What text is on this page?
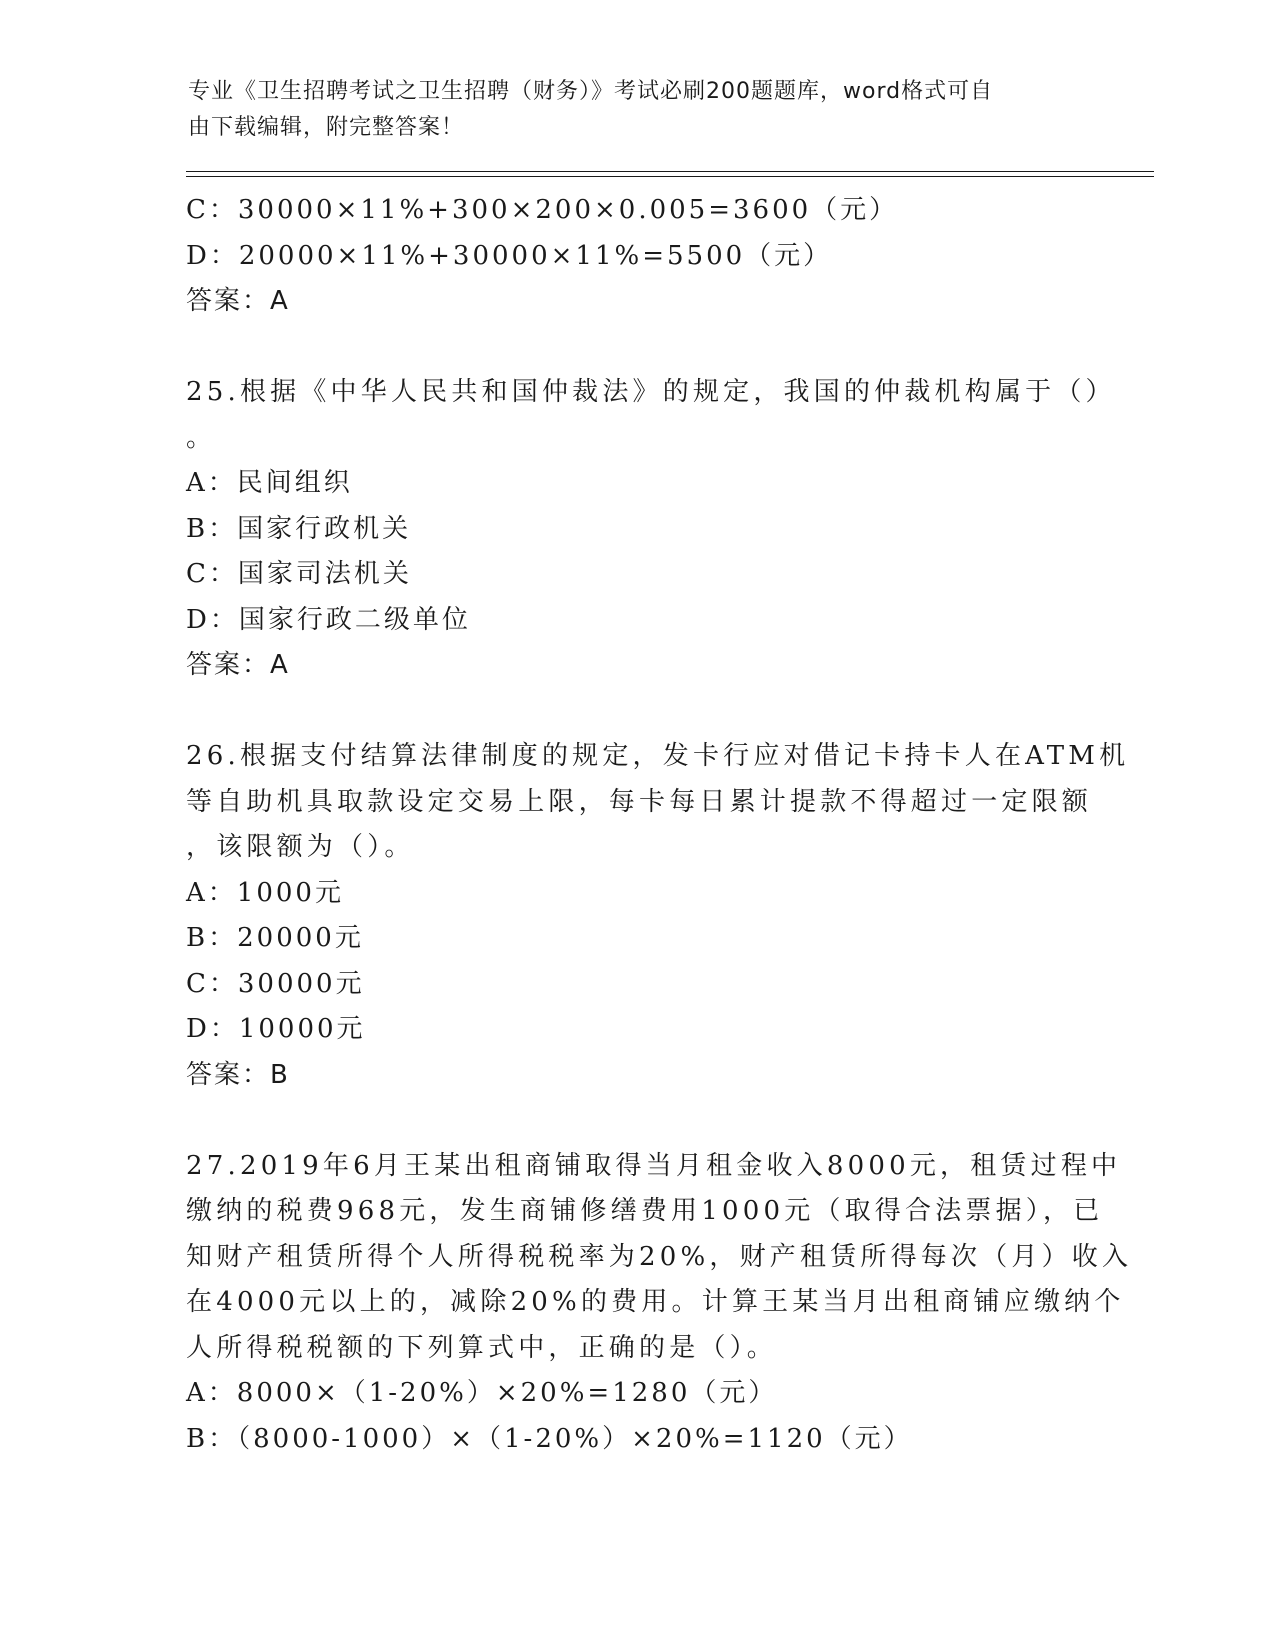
专业《卫生招聘考试之卫生招聘（财务）》考试必刷200题题库，word格式可自
由下载编辑，附完整答案！
C：30000×11%+300×200×0.005=3600（元）
D：20000×11%+30000×11%=5500（元）
答案：A
25.根据《中华人民共和国仲裁法》的规定，我国的仲裁机构属于（）
。
A：民间组织
B：国家行政机关
C：国家司法机关
D：国家行政二级单位
答案：A
26.根据支付结算法律制度的规定，发卡行应对借记卡持卡人在ATM机
等自助机具取款设定交易上限，每卡每日累计提款不得超过一定限额
，该限额为（）。
A：1000元
B：20000元
C：30000元
D：10000元
答案：B
27.2019年6月王某出租商铺取得当月租金收入8000元，租赁过程中
缴纳的税费968元，发生商铺修缮费用1000元（取得合法票据），已
知财产租赁所得个人所得税税率为20%，财产租赁所得每次（月）收入
在4000元以上的，减除20%的费用。计算王某当月出租商铺应缴纳个
人所得税税额的下列算式中，正确的是（）。
A：8000×（1-20%）×20%=1280（元）
B：（8000-1000）×（1-20%）×20%=1120（元）
